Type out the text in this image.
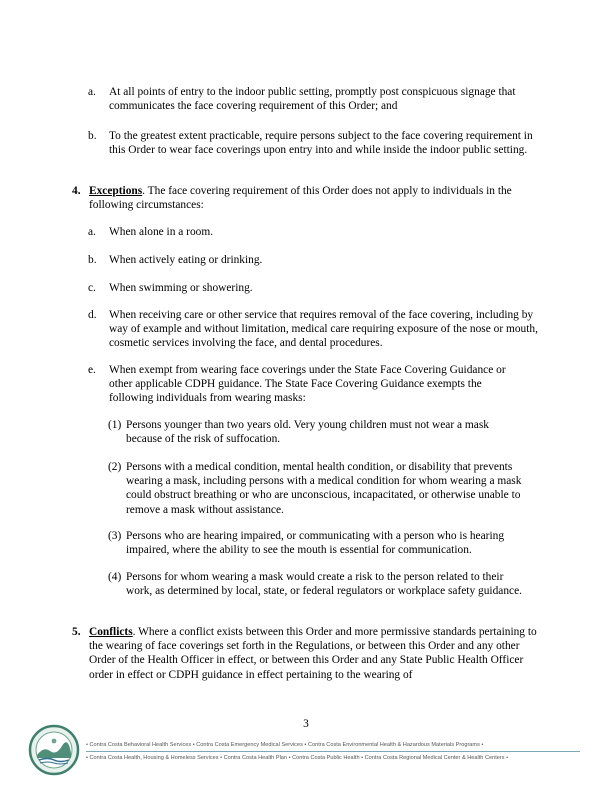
a. At all points of entry to the indoor public setting, promptly post conspicuous signage that communicates the face covering requirement of this Order; and
b. To the greatest extent practicable, require persons subject to the face covering requirement in this Order to wear face coverings upon entry into and while inside the indoor public setting.
4. Exceptions. The face covering requirement of this Order does not apply to individuals in the following circumstances:
a. When alone in a room.
b. When actively eating or drinking.
c. When swimming or showering.
d. When receiving care or other service that requires removal of the face covering, including by way of example and without limitation, medical care requiring exposure of the nose or mouth, cosmetic services involving the face, and dental procedures.
e. When exempt from wearing face coverings under the State Face Covering Guidance or other applicable CDPH guidance. The State Face Covering Guidance exempts the following individuals from wearing masks:
(1) Persons younger than two years old. Very young children must not wear a mask because of the risk of suffocation.
(2) Persons with a medical condition, mental health condition, or disability that prevents wearing a mask, including persons with a medical condition for whom wearing a mask could obstruct breathing or who are unconscious, incapacitated, or otherwise unable to remove a mask without assistance.
(3) Persons who are hearing impaired, or communicating with a person who is hearing impaired, where the ability to see the mouth is essential for communication.
(4) Persons for whom wearing a mask would create a risk to the person related to their work, as determined by local, state, or federal regulators or workplace safety guidance.
5. Conflicts. Where a conflict exists between this Order and more permissive standards pertaining to the wearing of face coverings set forth in the Regulations, or between this Order and any other Order of the Health Officer in effect, or between this Order and any State Public Health Officer order in effect or CDPH guidance in effect pertaining to the wearing of
3
• Contra Costa Behavioral Health Services • Contra Costa Emergency Medical Services • Contra Costa Environmental Health & Hazardous Materials Programs •
• Contra Costa Health, Housing & Homeless Services • Contra Costa Health Plan • Contra Costa Public Health • Contra Costa Regional Medical Center & Health Centers •
